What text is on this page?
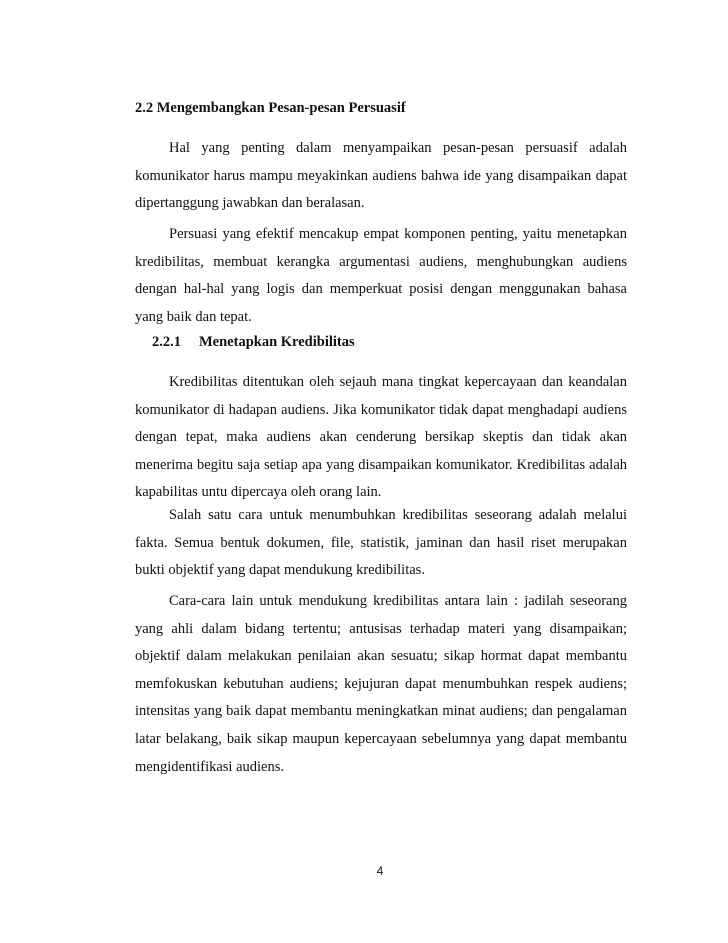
2.2 Mengembangkan Pesan-pesan Persuasif

Hal yang penting dalam menyampaikan pesan-pesan persuasif adalah komunikator harus mampu meyakinkan audiens bahwa ide yang disampaikan dapat dipertanggung jawabkan dan beralasan.

Persuasi yang efektif mencakup empat komponen penting, yaitu menetapkan kredibilitas, membuat kerangka argumentasi audiens, menghubungkan audiens dengan hal-hal yang logis dan memperkuat posisi dengan menggunakan bahasa yang baik dan tepat.

2.2.1 Menetapkan Kredibilitas

Kredibilitas ditentukan oleh sejauh mana tingkat kepercayaan dan keandalan komunikator di hadapan audiens. Jika komunikator tidak dapat menghadapi audiens dengan tepat, maka audiens akan cenderung bersikap skeptis dan tidak akan menerima begitu saja setiap apa yang disampaikan komunikator. Kredibilitas adalah kapabilitas untu dipercaya oleh orang lain.

Salah satu cara untuk menumbuhkan kredibilitas seseorang adalah melalui fakta. Semua bentuk dokumen, file, statistik, jaminan dan hasil riset merupakan bukti objektif yang dapat mendukung kredibilitas.

Cara-cara lain untuk mendukung kredibilitas antara lain : jadilah seseorang yang ahli dalam bidang tertentu; antusisas terhadap materi yang disampaikan; objektif dalam melakukan penilaian akan sesuatu; sikap hormat dapat membantu memfokuskan kebutuhan audiens; kejujuran dapat menumbuhkan respek audiens; intensitas yang baik dapat membantu meningkatkan minat audiens; dan pengalaman latar belakang, baik sikap maupun kepercayaan sebelumnya yang dapat membantu mengidentifikasi audiens.

4
